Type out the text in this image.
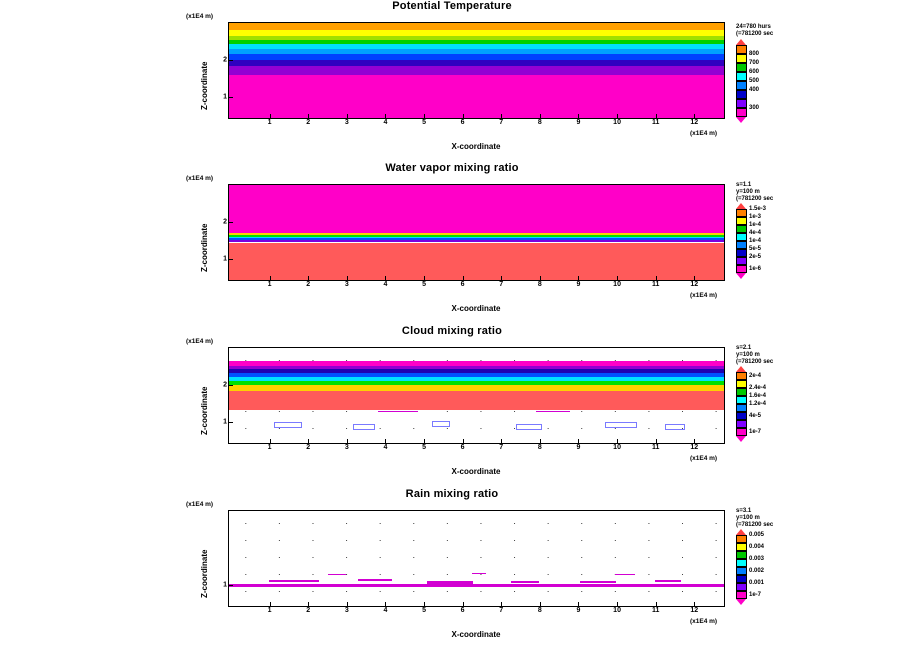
Potential Temperature
(x1E4 m)
Z-coordinate
2
1
1	2	3	4	5	6	7	8	9	10	11	12
(x1E4 m)
X-coordinate
24=780 hurs
(=781200 sec
800
700
600
500
400
300
Water vapor mixing ratio
(x1E4 m)
Z-coordinate
2
1
1	2	3	4	5	6	7	8	9	10	11	12
(x1E4 m)
X-coordinate
s=1.1
y=100 m
(=781200 sec
1.5e-3
1e-3
1e-4
4e-4
1e-4
5e-5
2e-5
1e-6
Cloud mixing ratio
(x1E4 m)
Z-coordinate
2
1
1	2	3	4	5	6	7	8	9	10	11	12
(x1E4 m)
X-coordinate
s=2.1
y=100 m
(=781200 sec
2e-4
2.4e-4
1.6e-4
1.2e-4
4e-5
1e-7
Rain mixing ratio
(x1E4 m)
Z-coordinate 1
1	2	3	4	5	6	7	8	9	10	11	12
(x1E4 m)
X-coordinate
s=3.1
y=100 m
(=781200 sec
0.005
0.004
0.003
0.002
0.001
1e-7
